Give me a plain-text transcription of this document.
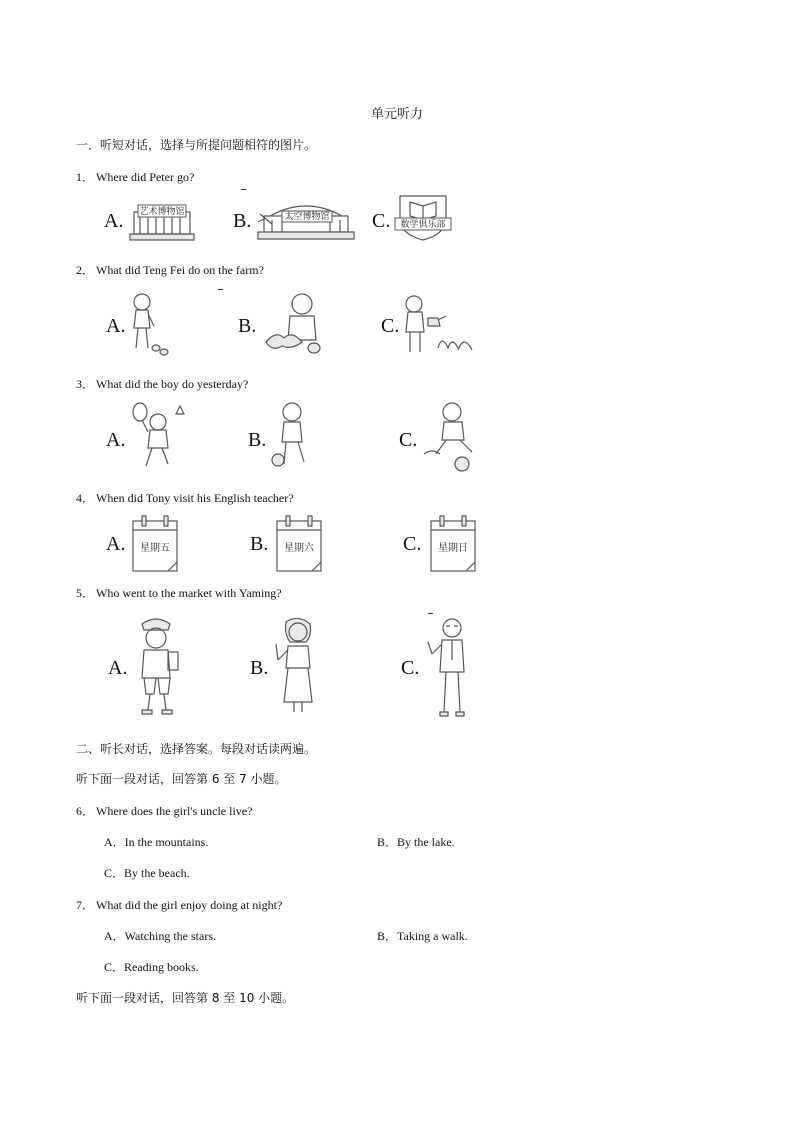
单元听力
一．听短对话，选择与所提问题相符的图片。
1． Where did Peter go?
A. 艺术博物馆 B.	太空博物馆 C. 数学俱乐部
2． What did Teng Fei do on the farm?
A.	B.	C.
3． What did the boy do yesterday?
A.	B.	C.
4． When did Tony visit his English teacher?
A. 星期五	B. 星期六	C. 星期日
5． Who went to the market with Yaming?
A.	B.	C.
二、听长对话，选择答案。每段对话读两遍。
听下面一段对话，回答第 6 至 7 小题。
6． Where does the girl's uncle live?
A．In the mountains.	B．By the lake.
C．By the beach.
7． What did the girl enjoy doing at night?
A．Watching the stars.	B．Taking a walk.
C．Reading books.
听下面一段对话，回答第 8 至 10 小题。
